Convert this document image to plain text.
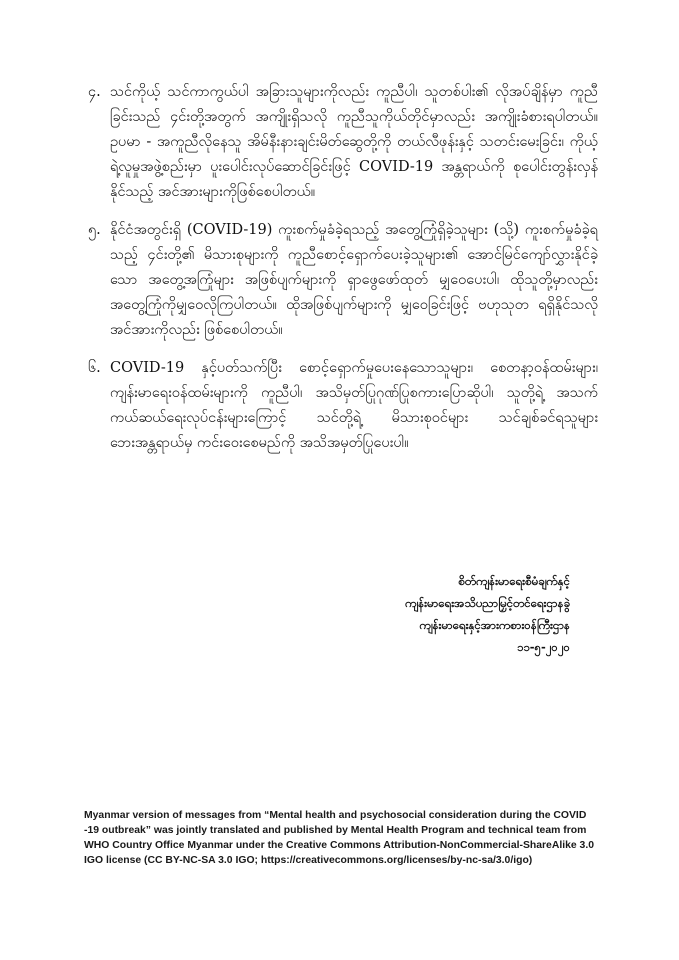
၄. သင်ကိုယ့် သင်ကာကွယ်ပါ အခြားသူများကိုလည်း ကူညီပါ၊ သူတစ်ပါး၏ လိုအပ်ချိန်မှာ ကူညီခြင်းသည် ၄င်းတို့အတွက် အကျိုးရှိသလို ကူညီသူကိုယ်တိုင်မှာလည်း အကျိုးခံစားရပါတယ်။ ဥပမာ - အကူညီလိုနေသူ အိမ်နီးနားချင်းမိတ်ဆွေတို့ကို တယ်လီဖုန်းနှင့် သတင်းမေးခြင်း၊ ကိုယ့်ရဲ့လူမှုအဖွဲ့စည်းမှာ ပူးပေါင်းလုပ်ဆောင်ခြင်းဖြင့် COVID-19 အန္တရာယ်ကို စုပေါင်းတွန်းလှန်နိုင်သည့် အင်အားများကိုဖြစ်စေပါတယ်။
၅. နိုင်ငံအတွင်းရှိ (COVID-19) ကူးစက်မှုခံခဲ့ရသည့် အတွေ့ကြုံရှိခဲ့သူများ (သို့) ကူးစက်မှုခံခဲ့ရသည့် ၄င်းတို့၏ မိသားစုများကို ကူညီစောင့်ရှောက်ပေးခဲ့သူများ၏ အောင်မြင်ကျော်လွှားနိုင်ခဲ့သော အတွေ့အကြုံများ အဖြစ်ပျက်များကို ရှာဖွေဖော်ထုတ် မျှဝေပေးပါ၊ ထိုသူတို့မှာလည်း အတွေ့ကြုံကိုမျှဝေလိုကြပါတယ်။ ထိုအဖြစ်ပျက်များကို မျှဝေခြင်းဖြင့် ဗဟုသုတ ရရှိနိုင်သလို အင်အားကိုလည်း ဖြစ်စေပါတယ်။
၆. COVID-19 နှင့်ပတ်သက်ပြီး စောင့်ရှောက်မှုပေးနေသောသူများ၊ စေတနာ့ဝန်ထမ်းများ၊ ကျန်းမာရေးဝန်ထမ်းများကို ကူညီပါ၊ အသိမှတ်ပြုဂုဏ်ပြုစကားပြောဆိုပါ၊ သူတို့ရဲ့ အသက်ကယ်ဆယ်ရေးလုပ်ငန်းများကြောင့် သင်တို့ရဲ့ မိသားစုဝင်များ သင်ချစ်ခင်ရသူများ ဘေးအန္တရာယ်မှ ကင်းဝေးစေမည်ကို အသိအမှတ်ပြုပေးပါ။
စိတ်ကျန်းမာရေးစီမံချက်နှင့်
ကျန်းမာရေးအသိပညာမြှင့်တင်ရေးဌာနခွဲ
ကျန်းမာရေးနှင့်အားကစားဝန်ကြီးဌာန
၁၁-၅-၂၀၂၀
Myanmar version of messages from “Mental health and psychosocial consideration during the COVID -19 outbreak” was jointly translated and published by Mental Health Program and technical team from WHO Country Office Myanmar under the Creative Commons Attribution-NonCommercial-ShareAlike 3.0 IGO license (CC BY-NC-SA 3.0 IGO; https://creativecommons.org/licenses/by-nc-sa/3.0/igo)
